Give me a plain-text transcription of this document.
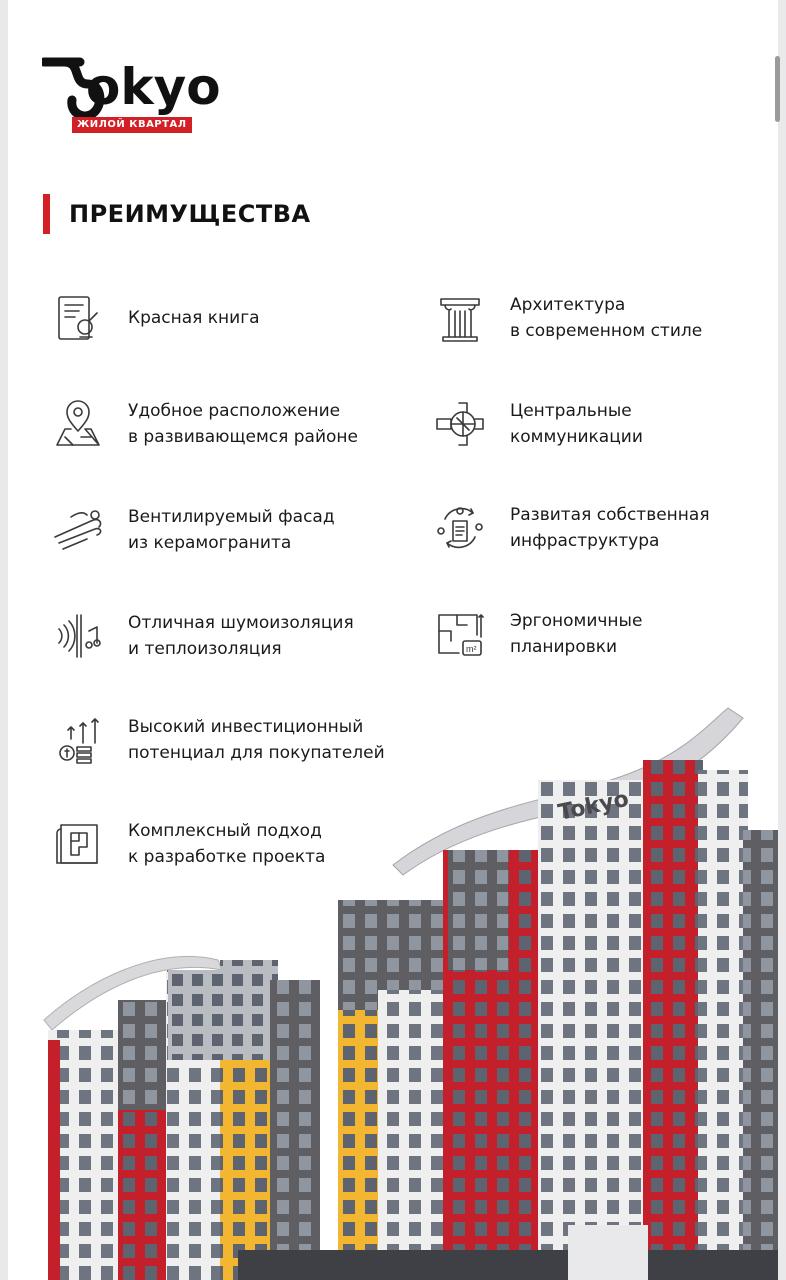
okyo
ЖИЛОЙ КВАРТАЛ
ПРЕИМУЩЕСТВА
Красная книга
Удобное расположение
в развивающемся районе
Вентилируемый фасад
из керамогранита
Отличная шумоизоляция
и теплоизоляция
Высокий инвестиционный
потенциал для покупателей
Комплексный подход
к разработке проекта
Архитектура
в современном стиле
Центральные
коммуникации
Развитая собственная
инфраструктура
m²
Эргономичные
планировки
ARTWIN
Tokyo
